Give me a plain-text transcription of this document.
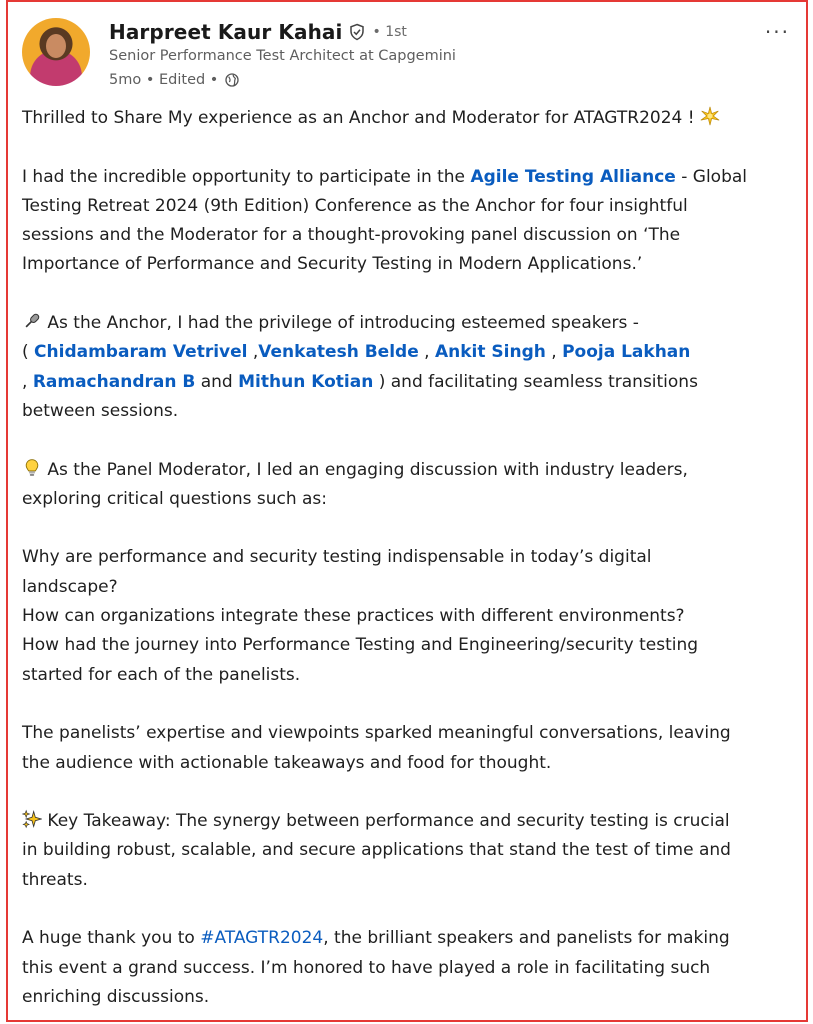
Harpreet Kaur Kahai • 1st
Senior Performance Test Architect at Capgemini
5mo • Edited •
···

Thrilled to Share My experience as an Anchor and Moderator for ATAGTR2024 !

I had the incredible opportunity to participate in the Agile Testing Alliance - Global

Testing Retreat 2024 (9th Edition) Conference as the Anchor for four insightful

sessions and the Moderator for a thought-provoking panel discussion on ‘The

Importance of Performance and Security Testing in Modern Applications.’

As the Anchor, I had the privilege of introducing esteemed speakers -

( Chidambaram Vetrivel ,Venkatesh Belde , Ankit Singh , Pooja Lakhan

, Ramachandran B and Mithun Kotian ) and facilitating seamless transitions

between sessions.

As the Panel Moderator, I led an engaging discussion with industry leaders,

exploring critical questions such as:

Why are performance and security testing indispensable in today’s digital

landscape?

How can organizations integrate these practices with different environments?

How had the journey into Performance Testing and Engineering/security testing

started for each of the panelists.

The panelists’ expertise and viewpoints sparked meaningful conversations, leaving

the audience with actionable takeaways and food for thought.

Key Takeaway: The synergy between performance and security testing is crucial

in building robust, scalable, and secure applications that stand the test of time and

threats.

A huge thank you to #ATAGTR2024, the brilliant speakers and panelists for making

this event a grand success. I’m honored to have played a role in facilitating such

enriching discussions.
